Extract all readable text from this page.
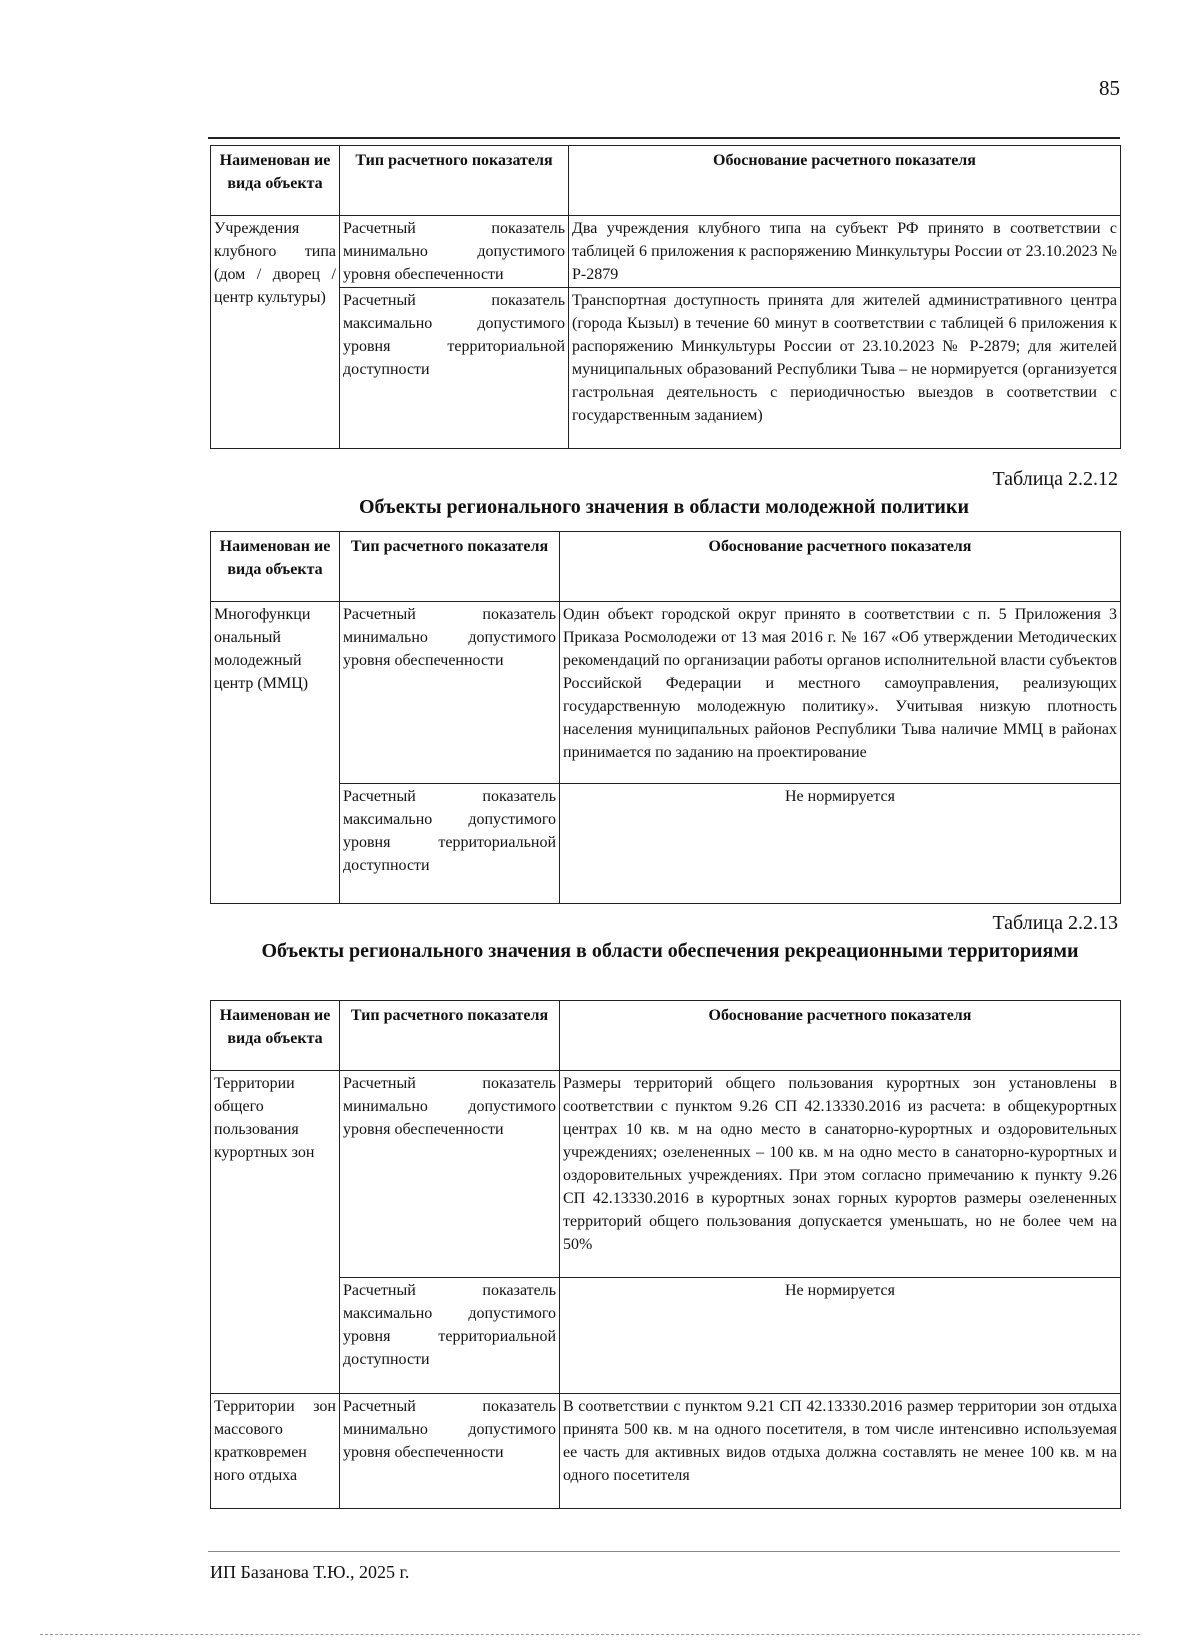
85
Наименован ие вида объекта	Тип расчетного показателя	Обоснование расчетного показателя
Учреждения клубного типа (дом / дворец / центр культуры)	Расчетный показатель минимально допустимого уровня обеспеченности	Два учреждения клубного типа на субъект РФ принято в соответствии с таблицей 6 приложения к распоряжению Минкультуры России от 23.10.2023 № Р-2879
	Расчетный показатель максимально допустимого уровня территориальной доступности	Транспортная доступность принята для жителей административного центра (города Кызыл) в течение 60 минут в соответствии с таблицей 6 приложения к распоряжению Минкультуры России от 23.10.2023 № Р-2879; для жителей муниципальных образований Республики Тыва – не нормируется (организуется гастрольная деятельность с периодичностью выездов в соответствии с государственным заданием)
Таблица 2.2.12
Объекты регионального значения в области молодежной политики
Наименован ие вида объекта	Тип расчетного показателя	Обоснование расчетного показателя
Многофункци ональный молодежный центр (ММЦ)	Расчетный показатель минимально допустимого уровня обеспеченности	Один объект городской округ принято в соответствии с п. 5 Приложения 3 Приказа Росмолодежи от 13 мая 2016 г. № 167 «Об утверждении Методических рекомендаций по организации работы органов исполнительной власти субъектов Российской Федерации и местного самоуправления, реализующих государственную молодежную политику». Учитывая низкую плотность населения муниципальных районов Республики Тыва наличие ММЦ в районах принимается по заданию на проектирование
	Расчетный показатель максимально допустимого уровня территориальной доступности	Не нормируется
Таблица 2.2.13
Объекты регионального значения в области обеспечения рекреационными территориями
Наименован ие вида объекта	Тип расчетного показателя	Обоснование расчетного показателя
Территории общего пользования курортных зон	Расчетный показатель минимально допустимого уровня обеспеченности	Размеры территорий общего пользования курортных зон установлены в соответствии с пунктом 9.26 СП 42.13330.2016 из расчета: в общекурортных центрах 10 кв. м на одно место в санаторно-курортных и оздоровительных учреждениях; озелененных – 100 кв. м на одно место в санаторно-курортных и оздоровительных учреждениях. При этом согласно примечанию к пункту 9.26 СП 42.13330.2016 в курортных зонах горных курортов размеры озелененных территорий общего пользования допускается уменьшать, но не более чем на 50%
	Расчетный показатель максимально допустимого уровня территориальной доступности	Не нормируется
Территории зон массового кратковремен ного отдыха	Расчетный показатель минимально допустимого уровня обеспеченности	В соответствии с пунктом 9.21 СП 42.13330.2016 размер территории зон отдыха принята 500 кв. м на одного посетителя, в том числе интенсивно используемая ее часть для активных видов отдыха должна составлять не менее 100 кв. м на одного посетителя
ИП Базанова Т.Ю., 2025 г.
